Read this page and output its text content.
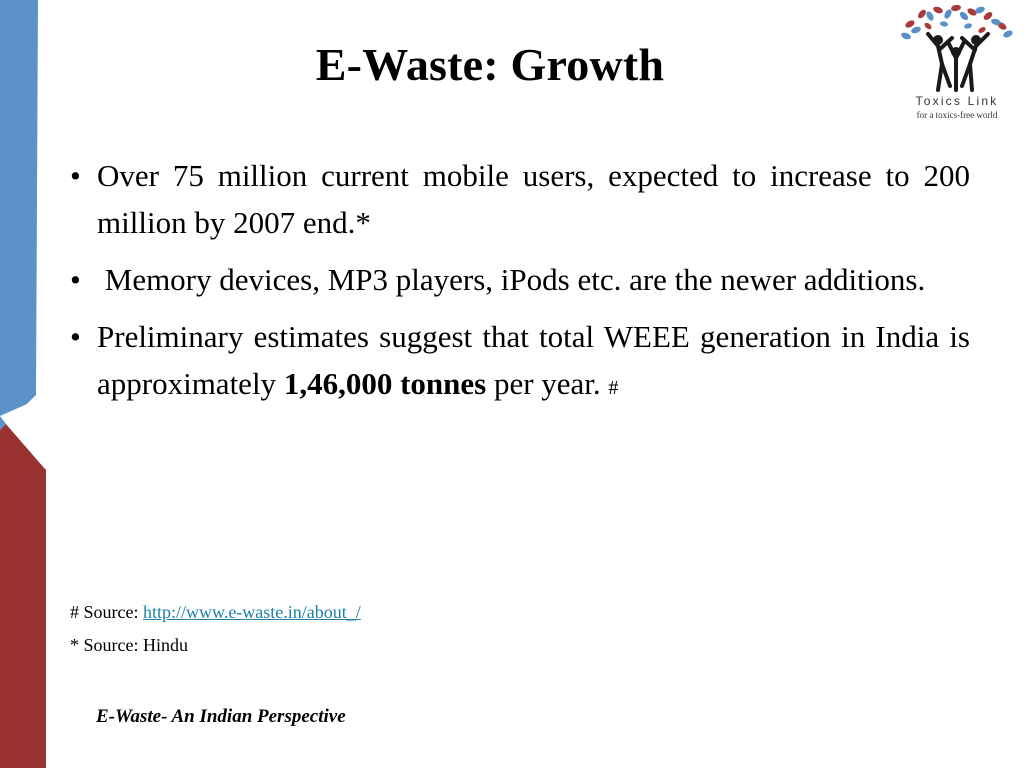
E-Waste: Growth
Toxics Link
for a toxics-free world
• Over 75 million current mobile users, expected to increase to 200 million by 2007 end.*
• Memory devices, MP3 players, iPods etc. are the newer additions.
• Preliminary estimates suggest that total WEEE generation in India is approximately 1,46,000 tonnes per year. #
# Source: http://www.e-waste.in/about_/
* Source: Hindu
E-Waste- An Indian Perspective
